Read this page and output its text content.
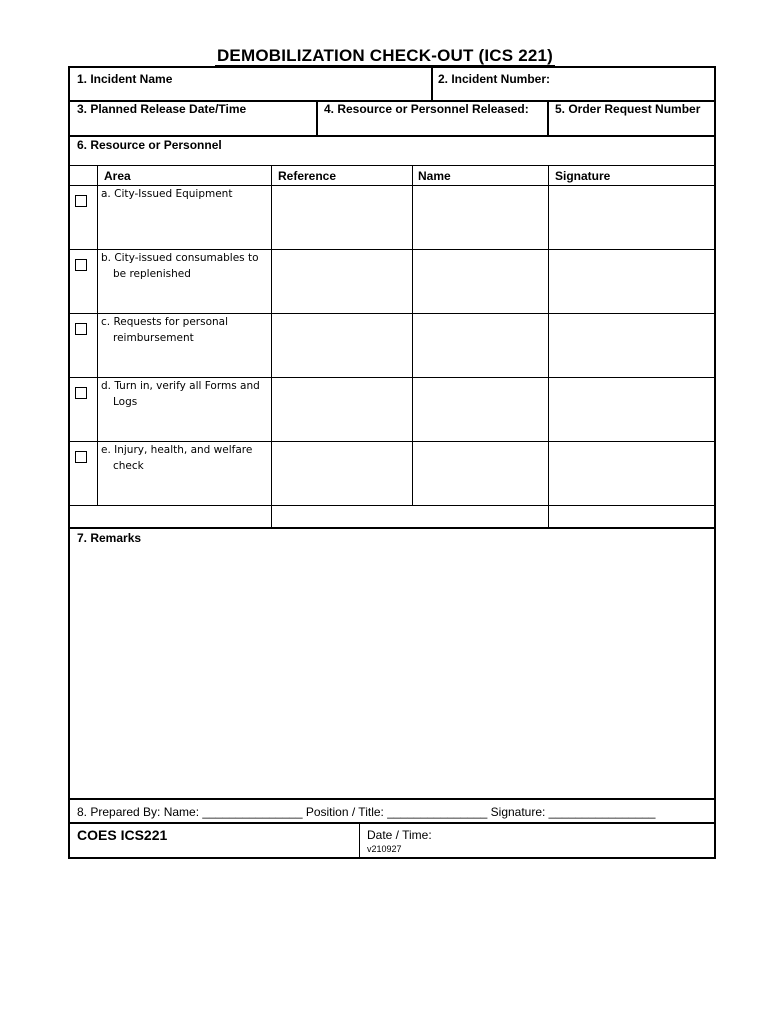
DEMOBILIZATION CHECK-OUT (ICS 221)
1. Incident Name	2. Incident Number:
3. Planned Release Date/Time	4. Resource or Personnel Released: 5. Order Request Number
6. Resource or Personnel
Area	Reference	Name	Signature
a. City-Issued Equipment
b. City-issued consumables to
be replenished
c. Requests for personal
reimbursement
d. Turn in, verify all Forms and
Logs
e. Injury, health, and welfare
check
7. Remarks
8. Prepared By: Name: _______________ Position / Title: _______________ Signature: ________________
COES ICS221	Date / Time:
v210927
